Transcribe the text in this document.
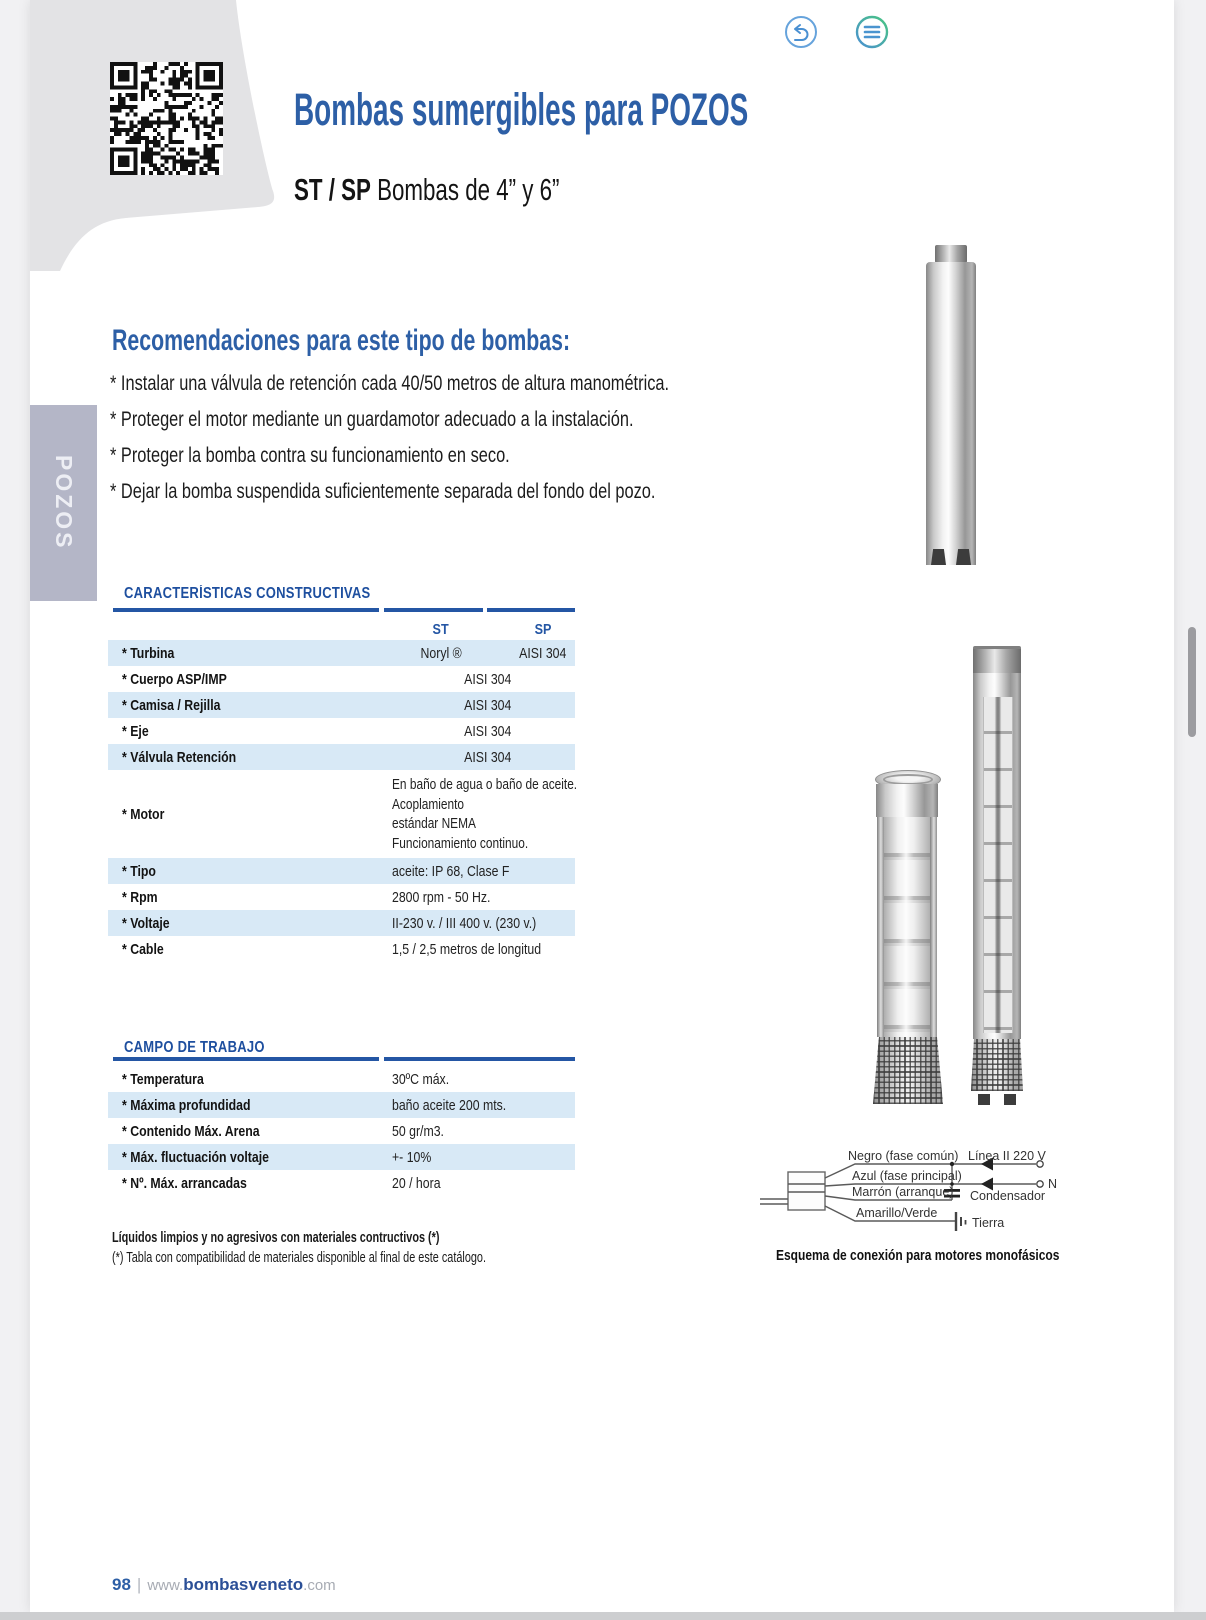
Bombas sumergibles para POZOS
ST / SP Bombas de 4” y 6”
POZOS
Recomendaciones para este tipo de bombas:
* Instalar una válvula de retención cada 40/50 metros de altura manométrica.
* Proteger el motor mediante un guardamotor adecuado a la instalación.
* Proteger la bomba contra su funcionamiento en seco.
* Dejar la bomba suspendida suficientemente separada del fondo del pozo.
CARACTERÍSTICAS CONSTRUCTIVAS
ST	SP
* Turbina	Noryl ®	AISI 304
* Cuerpo ASP/IMP	AISI 304
* Camisa / Rejilla	AISI 304
* Eje	AISI 304
* Válvula Retención	AISI 304
* Motor
En baño de agua o baño de aceite.
Acoplamiento
estándar NEMA
Funcionamiento continuo.
* Tipo	aceite: IP 68, Clase F
* Rpm	2800 rpm - 50 Hz.
* Voltaje	II-230 v. / III 400 v. (230 v.)
* Cable	1,5 / 2,5 metros de longitud
CAMPO DE TRABAJO
* Temperatura	30ºC máx.
* Máxima profundidad	baño aceite 200 mts.
* Contenido Máx. Arena	50 gr/m3.
* Máx. fluctuación voltaje	+- 10%
* Nº. Máx. arrancadas	20 / hora
Líquidos limpios y no agresivos con materiales contructivos (*)
(*) Tabla con compatibilidad de materiales disponible al final de este catálogo.
Negro (fase común)
Azul (fase principal)
Marrón (arranque)
Amarillo/Verde
Línea II 220 V
N
Condensador
Tierra
Esquema de conexión para motores monofásicos
98 | www.bombasveneto.com
